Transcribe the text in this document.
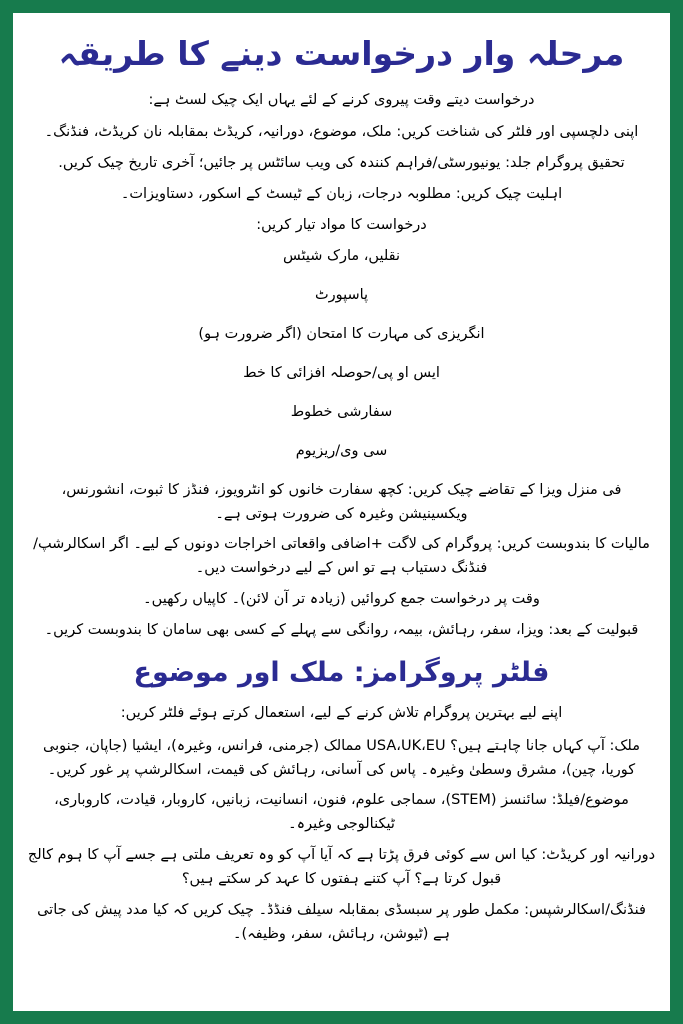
مرحلہ وار درخواست دینے کا طریقہ

درخواست دیتے وقت پیروی کرنے کے لئے یہاں ایک چیک لسٹ ہے:

اپنی دلچسپی اور فلٹر کی شناخت کریں: ملک، موضوع، دورانیہ، کریڈٹ بمقابلہ نان کریڈٹ، فنڈنگ۔

تحقیق پروگرام جلد: یونیورسٹی/فراہم کنندہ کی ویب سائٹس پر جائیں؛ آخری تاریخ چیک کریں.

اہلیت چیک کریں: مطلوبہ درجات، زبان کے ٹیسٹ کے اسکور، دستاویزات۔

درخواست کا مواد تیار کریں:

نقلیں، مارک شیٹس

پاسپورٹ

انگریزی کی مہارت کا امتحان (اگر ضرورت ہو)

ایس او پی/حوصلہ افزائی کا خط

سفارشی خطوط

سی وی/ریزیوم

فی منزل ویزا کے تقاضے چیک کریں: کچھ سفارت خانوں کو انٹرویوز، فنڈز کا ثبوت، انشورنس، ویکسینیشن وغیرہ کی ضرورت ہوتی ہے۔

مالیات کا بندوبست کریں: پروگرام کی لاگت +اضافی واقعاتی اخراجات دونوں کے لیے۔ اگر اسکالرشپ/فنڈنگ دستیاب ہے تو اس کے لیے درخواست دیں۔

وقت پر درخواست جمع کروائیں (زیادہ تر آن لائن)۔ کاپیاں رکھیں۔

قبولیت کے بعد: ویزا، سفر، رہائش، بیمہ، روانگی سے پہلے کے کسی بھی سامان کا بندوبست کریں۔

فلٹر پروگرامز: ملک اور موضوع

اپنے لیے بہترین پروگرام تلاش کرنے کے لیے، استعمال کرتے ہوئے فلٹر کریں:

ملک: آپ کہاں جانا چاہتے ہیں؟ USA،UK،EU ممالک (جرمنی، فرانس، وغیرہ)، ایشیا (جاپان، جنوبی کوریا، چین)، مشرق وسطیٰ وغیرہ۔ پاس کی آسانی، رہائش کی قیمت، اسکالرشپ پر غور کریں۔

موضوع/فیلڈ: سائنسز (STEM)، سماجی علوم، فنون، انسانیت، زبانیں، کاروبار، قیادت، کاروباری، ٹیکنالوجی وغیرہ۔

دورانیہ اور کریڈٹ: کیا اس سے کوئی فرق پڑتا ہے کہ آیا آپ کو وہ تعریف ملتی ہے جسے آپ کا ہوم کالج قبول کرتا ہے؟ آپ کتنے ہفتوں کا عہد کر سکتے ہیں؟

فنڈنگ/اسکالرشپس: مکمل طور پر سبسڈی بمقابلہ سیلف فنڈڈ۔ چیک کریں کہ کیا مدد پیش کی جاتی ہے (ٹیوشن، رہائش، سفر، وظیفہ)۔
